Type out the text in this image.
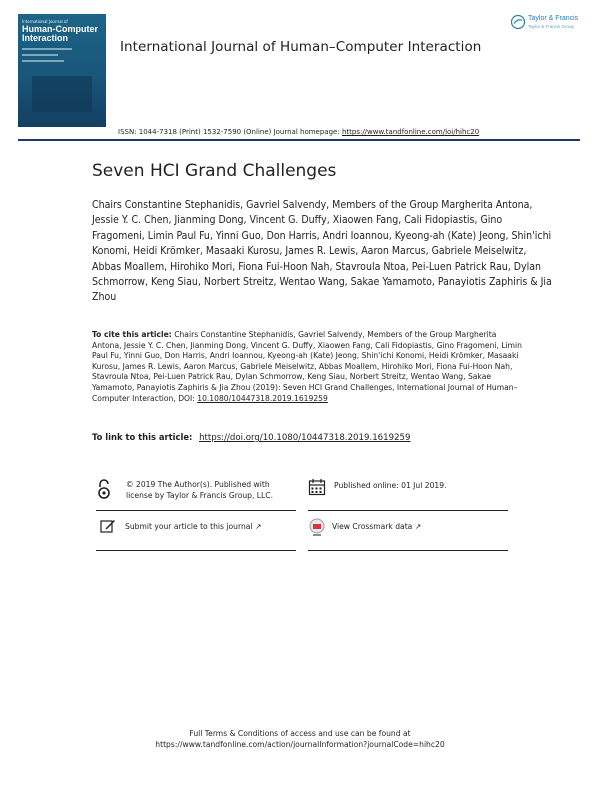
International Journal of
Human-Computer Interaction
International Journal of Human–Computer Interaction
Taylor & Francis
Taylor & Francis Group
ISSN: 1044-7318 (Print) 1532-7590 (Online) Journal homepage: https://www.tandfonline.com/loi/hihc20
Seven HCI Grand Challenges
Chairs Constantine Stephanidis, Gavriel Salvendy, Members of the Group Margherita Antona, Jessie Y. C. Chen, Jianming Dong, Vincent G. Duffy, Xiaowen Fang, Cali Fidopiastis, Gino Fragomeni, Limin Paul Fu, Yinni Guo, Don Harris, Andri Ioannou, Kyeong-ah (Kate) Jeong, Shin'ichi Konomi, Heidi Krömker, Masaaki Kurosu, James R. Lewis, Aaron Marcus, Gabriele Meiselwitz, Abbas Moallem, Hirohiko Mori, Fiona Fui-Hoon Nah, Stavroula Ntoa, Pei-Luen Patrick Rau, Dylan Schmorrow, Keng Siau, Norbert Streitz, Wentao Wang, Sakae Yamamoto, Panayiotis Zaphiris & Jia Zhou
To cite this article: Chairs Constantine Stephanidis, Gavriel Salvendy, Members of the Group Margherita Antona, Jessie Y. C. Chen, Jianming Dong, Vincent G. Duffy, Xiaowen Fang, Cali Fidopiastis, Gino Fragomeni, Limin Paul Fu, Yinni Guo, Don Harris, Andri Ioannou, Kyeong-ah (Kate) Jeong, Shin'ichi Konomi, Heidi Krömker, Masaaki Kurosu, James R. Lewis, Aaron Marcus, Gabriele Meiselwitz, Abbas Moallem, Hirohiko Mori, Fiona Fui-Hoon Nah, Stavroula Ntoa, Pei-Luen Patrick Rau, Dylan Schmorrow, Keng Siau, Norbert Streitz, Wentao Wang, Sakae Yamamoto, Panayiotis Zaphiris & Jia Zhou (2019): Seven HCI Grand Challenges, International Journal of Human–Computer Interaction, DOI: 10.1080/10447318.2019.1619259
To link to this article: https://doi.org/10.1080/10447318.2019.1619259
© 2019 The Author(s). Published with license by Taylor & Francis Group, LLC.
Published online: 01 Jul 2019.
Submit your article to this journal ↗	View Crossmark data ↗
Full Terms & Conditions of access and use can be found at
https://www.tandfonline.com/action/journalInformation?journalCode=hihc20
